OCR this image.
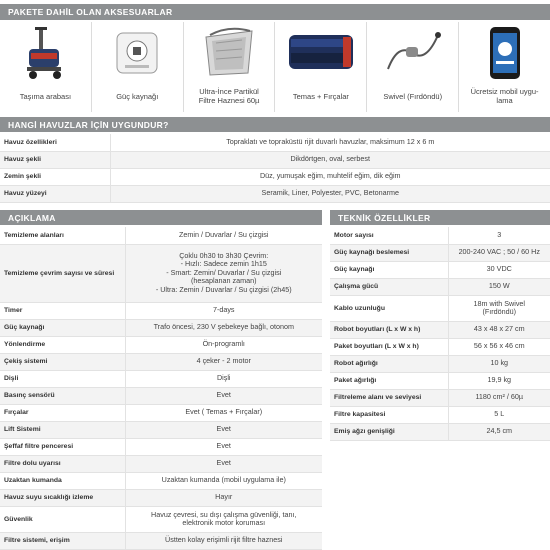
PAKETE DAHİL OLAN AKSESUARLAR
Taşıma arabası	Güç kaynağı	Ultra-İnce Partikül
Filtre Haznesi 60µ	Temas + Fırçalar	Swivel (Fırdöndü)	Ücretsiz mobil uygu-
lama
HANGİ HAVUZLAR İÇİN UYGUNDUR?
Havuz özellikleri	Topraklatı ve topraküstü rijit duvarlı havuzlar, maksimum 12 x 6 m
Havuz şekli	Dikdörtgen, oval, serbest
Zemin şekli	Düz, yumuşak eğim, muhtelif eğim, dik eğim
Havuz yüzeyi	Seramik, Liner, Polyester, PVC, Betonarme
AÇIKLAMA
Temizleme alanları	Zemin / Duvarlar / Su çizgisi
Temizleme çevrim sayısı ve süresi	Çoklu 0h30 to 3h30 Çevrim:
- Hızlı: Sadece zemin 1h15
- Smart: Zemin/ Duvarlar / Su çizgisi
(hesaplanan zaman)
- Ultra: Zemin / Duvarlar / Su çizgisi (2h45)
Timer	7-days
Güç kaynağı	Trafo öncesi, 230 V şebekeye bağlı, otonom
Yönlendirme	Ön-programlı
Çekiş sistemi	4 çeker - 2 motor
Dişli	Dişli
Basınç sensörü	Evet
Fırçalar	Evet ( Temas + Fırçalar)
Lift Sistemi	Evet
Şeffaf filtre penceresi	Evet
Filtre dolu uyarısı	Evet
Uzaktan kumanda	Uzaktan kumanda (mobil uygulama ile)
Havuz suyu sıcaklığı izleme	Hayır
Güvenlik	Havuz çevresi, su dışı çalışma güvenliği, tanı,
elektronik motor koruması
Filtre sistemi, erişim	Üstten kolay erişimli rijit filtre haznesi
TEKNİK ÖZELLİKLER
Motor sayısı	3
Güç kaynağı beslemesi	200-240 VAC ; 50 / 60 Hz
Güç kaynağı	30 VDC
Çalışma gücü	150 W
Kablo uzunluğu	18m with Swivel
(Fırdöndü)
Robot boyutları (L x W x h)	43 x 48 x 27 cm
Paket boyutları (L x W x h)	56 x 56 x 46 cm
Robot ağırlığı	10 kg
Paket ağırlığı	19,9 kg
Filtreleme alanı ve seviyesi	1180 cm² / 60µ
Filtre kapasitesi	5 L
Emiş ağzı genişliği	24,5 cm
